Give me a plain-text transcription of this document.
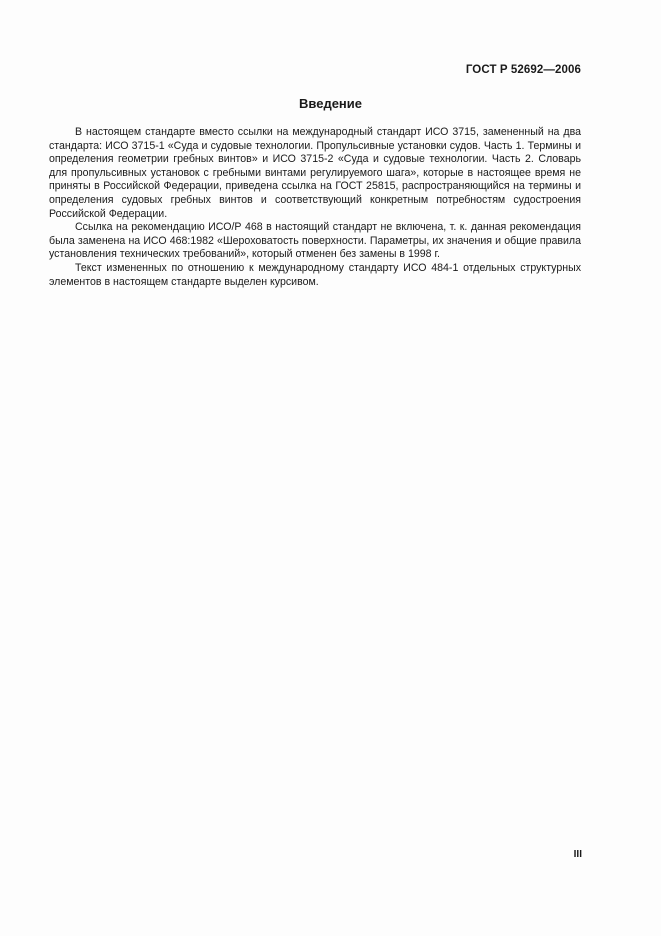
ГОСТ Р 52692—2006
Введение

В настоящем стандарте вместо ссылки на международный стандарт ИСО 3715, замененный на два стандарта: ИСО 3715-1 «Суда и судовые технологии. Пропульсивные установки судов. Часть 1. Термины и определения геометрии гребных винтов» и ИСО 3715-2 «Суда и судовые технологии. Часть 2. Словарь для пропульсивных установок с гребными винтами регулируемого шага», которые в настоящее время не приняты в Российской Федерации, приведена ссылка на ГОСТ 25815, распространяющийся на термины и определения судовых гребных винтов и соответствующий конкретным потребностям судостроения Российской Федерации.

Ссылка на рекомендацию ИСО/Р 468 в настоящий стандарт не включена, т. к. данная рекомендация была заменена на ИСО 468:1982 «Шероховатость поверхности. Параметры, их значения и общие правила установления технических требований», который отменен без замены в 1998 г.

Текст измененных по отношению к международному стандарту ИСО 484-1 отдельных структурных элементов в настоящем стандарте выделен курсивом.

III
